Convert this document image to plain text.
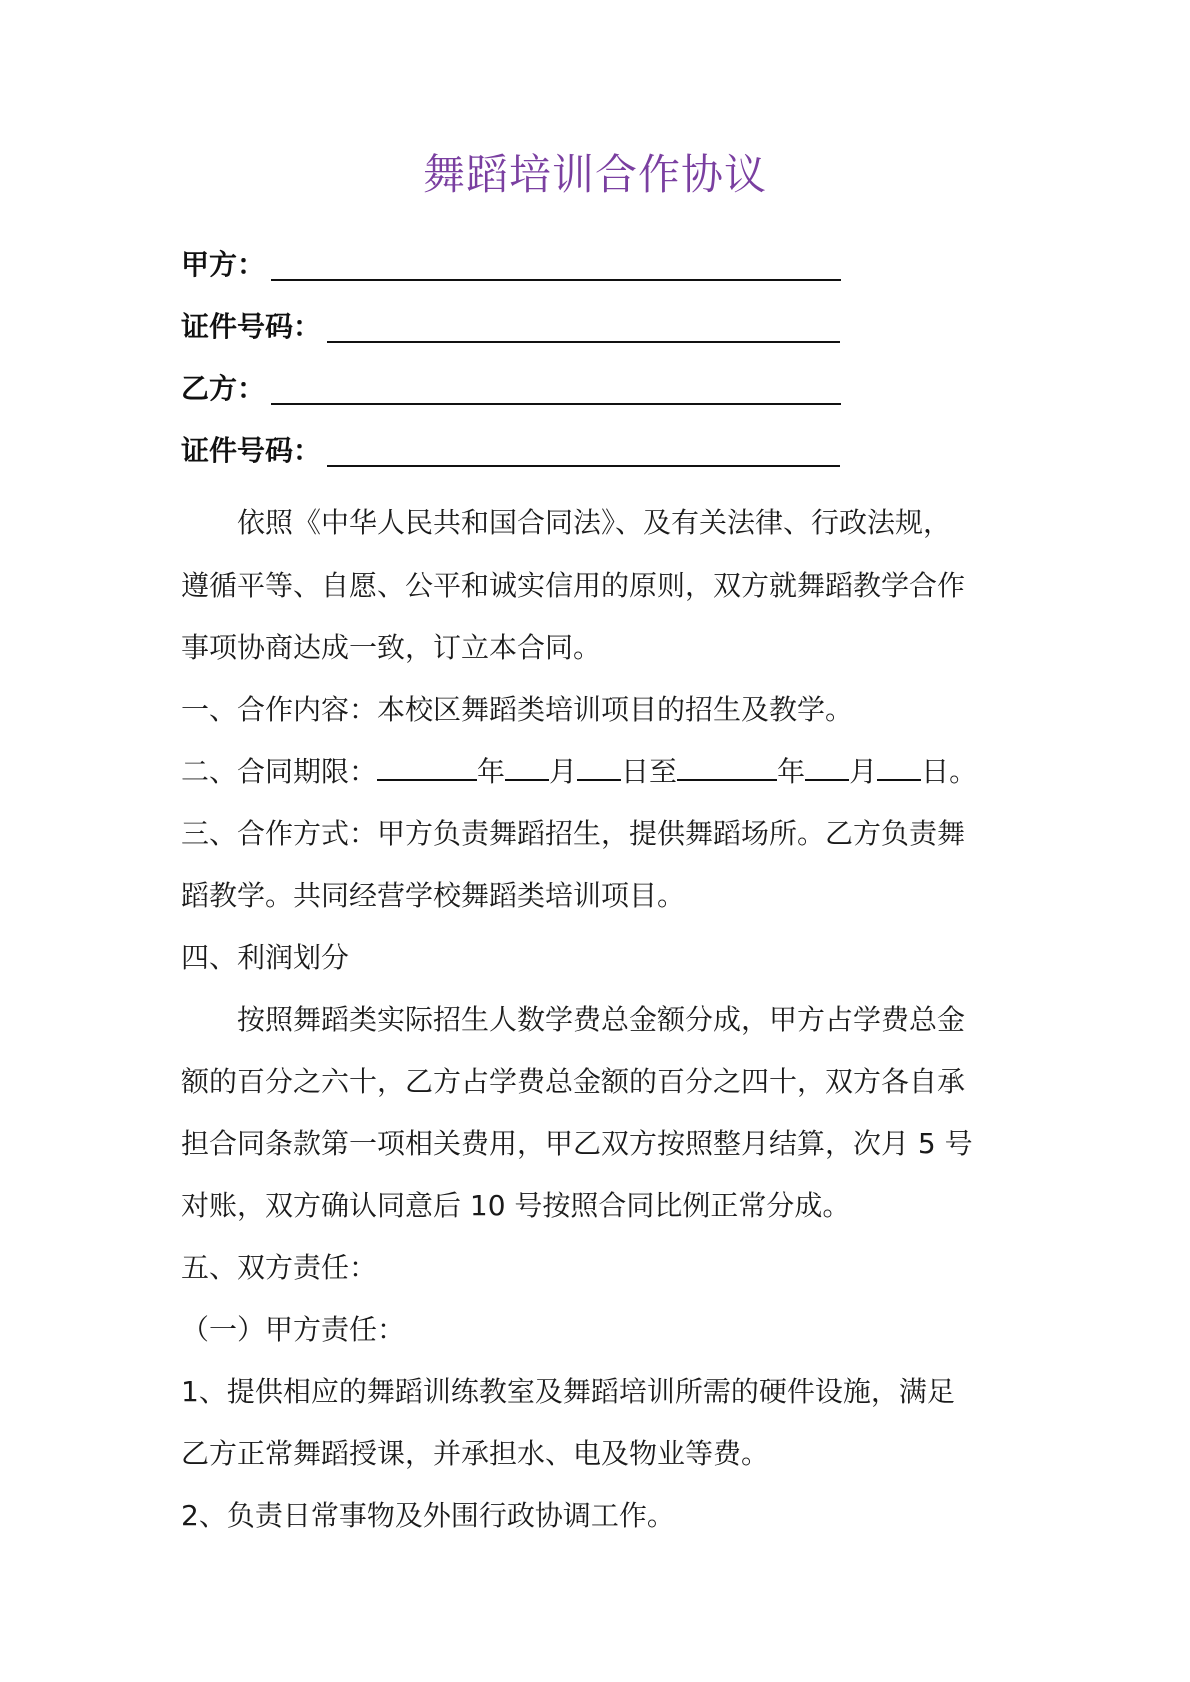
舞蹈培训合作协议
甲方：
证件号码：
乙方：
证件号码：
依照《中华人民共和国合同法》、及有关法律、行政法规，
遵循平等、自愿、公平和诚实信用的原则，双方就舞蹈教学合作
事项协商达成一致，订立本合同。
一、合作内容：本校区舞蹈类培训项目的招生及教学。
二、合同期限：	年 月 日至	年 月 日。
三、合作方式：甲方负责舞蹈招生，提供舞蹈场所。乙方负责舞
蹈教学。共同经营学校舞蹈类培训项目。
四、利润划分
按照舞蹈类实际招生人数学费总金额分成，甲方占学费总金
额的百分之六十，乙方占学费总金额的百分之四十，双方各自承
担合同条款第一项相关费用，甲乙双方按照整月结算，次月 5 号
对账，双方确认同意后 10 号按照合同比例正常分成。
五、双方责任：
（一）甲方责任：
1、提供相应的舞蹈训练教室及舞蹈培训所需的硬件设施，满足
乙方正常舞蹈授课，并承担水、电及物业等费。
2、负责日常事物及外围行政协调工作。
